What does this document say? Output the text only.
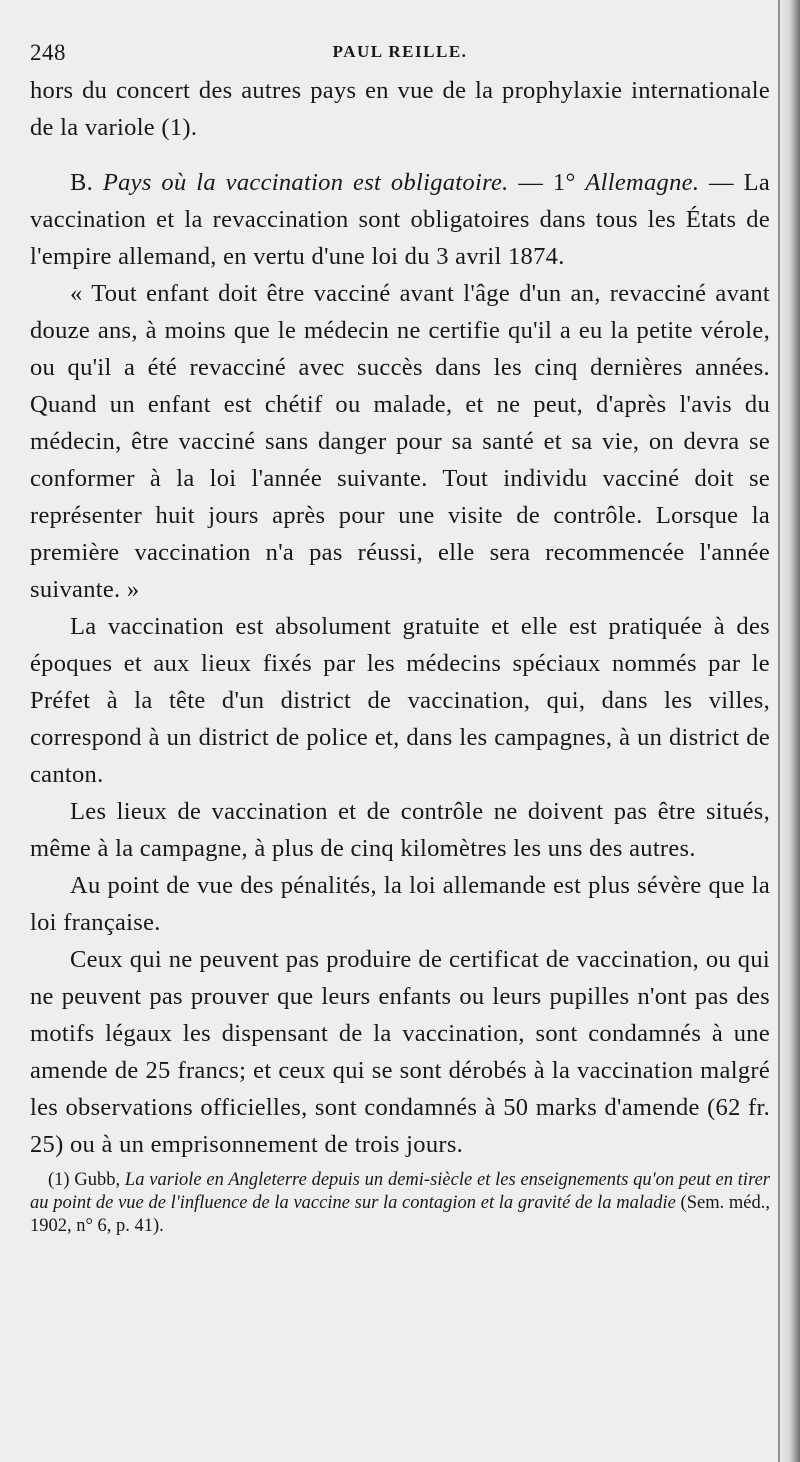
248	PAUL REILLE.

hors du concert des autres pays en vue de la prophylaxie internationale de la variole (1).

B. Pays où la vaccination est obligatoire. — 1° Allemagne. — La vaccination et la revaccination sont obligatoires dans tous les États de l'empire allemand, en vertu d'une loi du 3 avril 1874.

« Tout enfant doit être vacciné avant l'âge d'un an, revacciné avant douze ans, à moins que le médecin ne certifie qu'il a eu la petite vérole, ou qu'il a été revacciné avec succès dans les cinq dernières années. Quand un enfant est chétif ou malade, et ne peut, d'après l'avis du médecin, être vacciné sans danger pour sa santé et sa vie, on devra se conformer à la loi l'année suivante. Tout individu vacciné doit se représenter huit jours après pour une visite de contrôle. Lorsque la première vaccination n'a pas réussi, elle sera recommencée l'année suivante. »

La vaccination est absolument gratuite et elle est pratiquée à des époques et aux lieux fixés par les médecins spéciaux nommés par le Préfet à la tête d'un district de vaccination, qui, dans les villes, correspond à un district de police et, dans les campagnes, à un district de canton.

Les lieux de vaccination et de contrôle ne doivent pas être situés, même à la campagne, à plus de cinq kilomètres les uns des autres.

Au point de vue des pénalités, la loi allemande est plus sévère que la loi française.

Ceux qui ne peuvent pas produire de certificat de vaccination, ou qui ne peuvent pas prouver que leurs enfants ou leurs pupilles n'ont pas des motifs légaux les dispensant de la vaccination, sont condamnés à une amende de 25 francs; et ceux qui se sont dérobés à la vaccination malgré les observations officielles, sont condamnés à 50 marks d'amende (62 fr. 25) ou à un emprisonnement de trois jours.

(1) Gubb, La variole en Angleterre depuis un demi-siècle et les enseignements qu'on peut en tirer au point de vue de l'influence de la vaccine sur la contagion et la gravité de la maladie (Sem. méd., 1902, n° 6, p. 41).
